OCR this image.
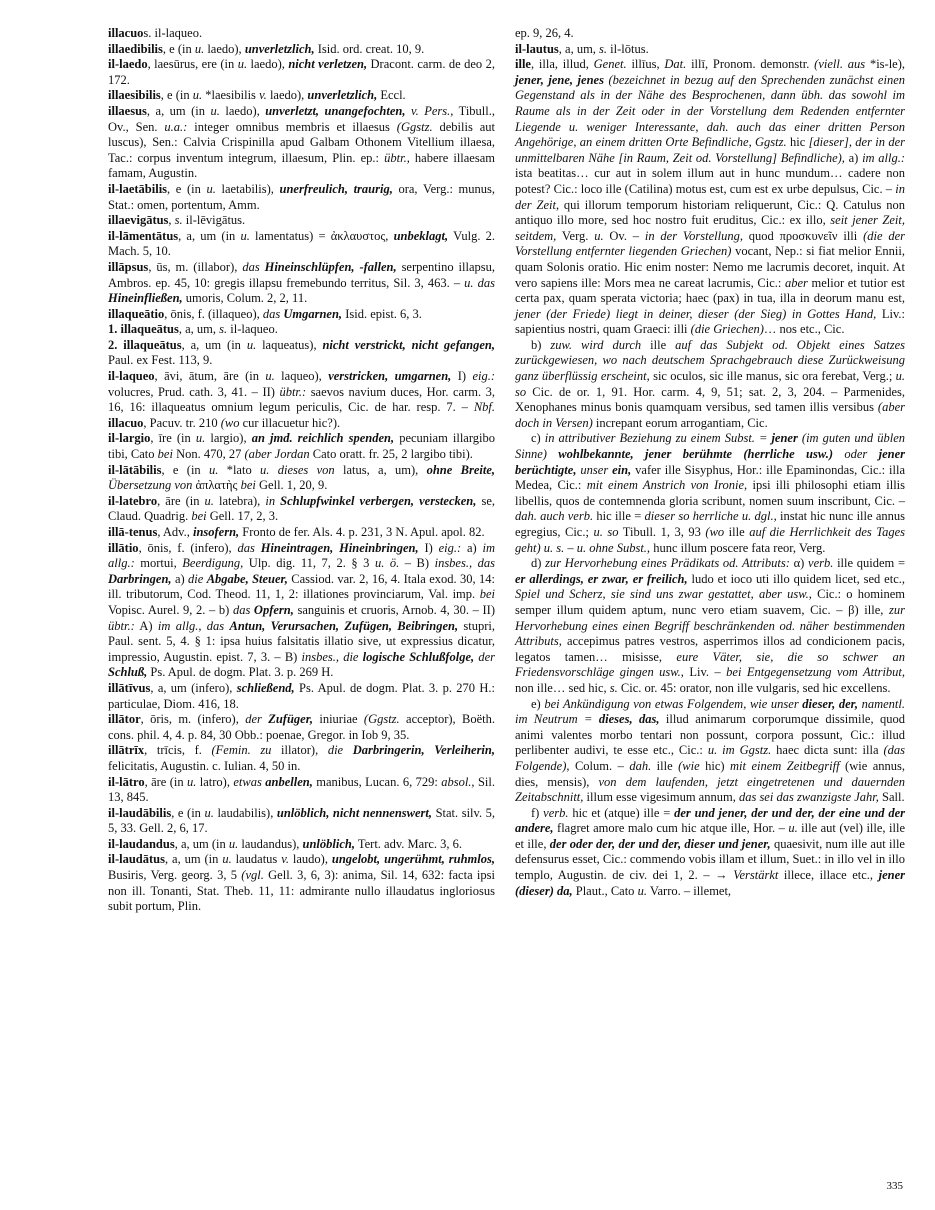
illacuos. il-laqueo.

illaedibilis, e (in u. laedo), unverletzlich, Isid. ord. creat. 10, 9.

il-laedo, laesūrus, ere (in u. laedo), nicht verletzen, Dracont. carm. de deo 2, 172.

illaesibilis, e (in u. *laesibilis v. laedo), unverletzlich, Eccl.

illaesus, a, um (in u. laedo), unverletzt, unangefochten, v. Pers., Tibull., Ov., Sen. u.a.: integer omnibus membris et illaesus (Ggstz. debilis aut luscus), Sen.: Calvia Crispinilla apud Galbam Othonem Vitellium illaesa, Tac.: corpus inventum integrum, illaesum, Plin. ep.: übtr., habere illaesam famam, Augustin.

il-laetābilis, e (in u. laetabilis), unerfreulich, traurig, ora, Verg.: munus, Stat.: omen, portentum, Amm.

illaevigātus, s. il-lēvigātus.

il-lāmentātus, a, um (in u. lamentatus) = ἀκλαυστος, unbeklagt, Vulg. 2. Mach. 5, 10.

illāpsus, ūs, m. (illabor), das Hineinschlüpfen, -fallen, serpentino illapsu, Ambros. ep. 45, 10: gregis illapsu fremebundo territus, Sil. 3, 463. – u. das Hineinfließen, umoris, Colum. 2, 2, 11.

illaqueātio, ōnis, f. (illaqueo), das Umgarnen, Isid. epist. 6, 3.

1. illaqueātus, a, um, s. il-laqueo.

2. illaqueātus, a, um (in u. laqueatus), nicht verstrickt, nicht gefangen, Paul. ex Fest. 113, 9.

il-laqueo, āvi, ātum, āre (in u. laqueo), verstricken, umgarnen, I) eig.: volucres, Prud. cath. 3, 41. – II) übtr.: saevos navium duces, Hor. carm. 3, 16, 16: illaqueatus omnium legum periculis, Cic. de har. resp. 7. – Nbf. illacuo, Pacuv. tr. 210 (wo cur illacuetur hic?).

il-largio, īre (in u. largio), an jmd. reichlich spenden, pecuniam illargibo tibi, Cato bei Non. 470, 27 (aber Jordan Cato oratt. fr. 25, 2 largibo tibi).

il-lātābilis, e (in u. *lato u. dieses von latus, a, um), ohne Breite, Übersetzung von ἀπλατὴς bei Gell. 1, 20, 9.

il-latebro, āre (in u. latebra), in Schlupfwinkel verbergen, verstecken, se, Claud. Quadrig. bei Gell. 17, 2, 3.

illā-tenus, Adv., insofern, Fronto de fer. Als. 4. p. 231, 3 N. Apul. apol. 82.

illātio, ōnis, f. (infero), das Hineintragen, Hineinbringen, I) eig.: a) im allg.: mortui, Beerdigung, Ulp. dig. 11, 7, 2. § 3 u. ö. – B) insbes., das Darbringen, a) die Abgabe, Steuer, Cassiod. var. 2, 16, 4. Itala exod. 30, 14: ill. tributorum, Cod. Theod. 11, 1, 2: illationes provinciarum, Val. imp. bei Vopisc. Aurel. 9, 2. – b) das Opfern, sanguinis et cruoris, Arnob. 4, 30. – II) übtr.: A) im allg., das Antun, Verursachen, Zufügen, Beibringen, stupri, Paul. sent. 5, 4. § 1: ipsa huius falsitatis illatio sive, ut expressius dicatur, impressio, Augustin. epist. 7, 3. – B) insbes., die logische Schlußfolge, der Schluß, Ps. Apul. de dogm. Plat. 3. p. 269 H.

illātīvus, a, um (infero), schließend, Ps. Apul. de dogm. Plat. 3. p. 270 H.: particulae, Diom. 416, 18.

illātor, ōris, m. (infero), der Zufüger, iniuriae (Ggstz. acceptor), Boëth. cons. phil. 4, 4. p. 84, 30 Obb.: poenae, Gregor. in Iob 9, 35.

illātrīx, trīcis, f. (Femin. zu illator), die Darbringerin, Verleiherin, felicitatis, Augustin. c. Iulian. 4, 50 in.

il-lātro, āre (in u. latro), etwas anbellen, manibus, Lucan. 6, 729: absol., Sil. 13, 845.

il-laudābilis, e (in u. laudabilis), unlöblich, nicht nennenswert, Stat. silv. 5, 5, 33. Gell. 2, 6, 17.

il-laudandus, a, um (in u. laudandus), unlöblich, Tert. adv. Marc. 3, 6.

il-laudātus, a, um (in u. laudatus v. laudo), ungelobt, ungerühmt, ruhmlos, Busiris, Verg. georg. 3, 5 (vgl. Gell. 3, 6, 3): anima, Sil. 14, 632: facta ipsi non ill. Tonanti, Stat. Theb. 11, 11: admirante nullo illaudatus ingloriosus subit portum, Plin.

ep. 9, 26, 4.

il-lautus, a, um, s. il-lōtus.

ille, illa, illud, Genet. illīus, Dat. illī, Pronom. demonstr. (viell. aus *is-le), jener, jene, jenes (bezeichnet in bezug auf den Sprechenden zunächst einen Gegenstand als in der Nähe des Besprochenen, dann übh. das sowohl im Raume als in der Zeit oder in der Vorstellung dem Redenden entfernter Liegende u. weniger Interessante, dah. auch das einer dritten Person Angehörige, an einem dritten Orte Befindliche, Ggstz. hic [dieser], der in der unmittelbaren Nähe [in Raum, Zeit od. Vorstellung] Befindliche), a) im allg.: ista beatitas… cur aut in solem illum aut in hunc mundum… cadere non potest? Cic.: loco ille (Catilina) motus est, cum est ex urbe depulsus, Cic. – in der Zeit, qui illorum temporum historiam reliquerunt, Cic.: Q. Catulus non antiquo illo more, sed hoc nostro fuit eruditus, Cic.: ex illo, seit jener Zeit, seitdem, Verg. u. Ov. – in der Vorstellung, quod προσκυνεῖν illi (die der Vorstellung entfernter liegenden Griechen) vocant, Nep.: si fiat melior Ennii, quam Solonis oratio. Hic enim noster: Nemo me lacrumis decoret, inquit. At vero sapiens ille: Mors mea ne careat lacrumis, Cic.: aber melior et tutior est certa pax, quam sperata victoria; haec (pax) in tua, illa in deorum manu est, jener (der Friede) liegt in deiner, dieser (der Sieg) in Gottes Hand, Liv.: sapientius nostri, quam Graeci: illi (die Griechen)… nos etc., Cic.

b) zuw. wird durch ille auf das Subjekt od. Objekt eines Satzes zurückgewiesen, wo nach deutschem Sprachgebrauch diese Zurückweisung ganz überflüssig erscheint, sic oculos, sic ille manus, sic ora ferebat, Verg.; u. so Cic. de or. 1, 91. Hor. carm. 4, 9, 51; sat. 2, 3, 204. – Parmenides, Xenophanes minus bonis quamquam versibus, sed tamen illis versibus (aber doch in Versen) increpant eorum arrogantiam, Cic.

c) in attributiver Beziehung zu einem Subst. = jener (im guten und üblen Sinne) wohlbekannte, jener berühmte (herrliche usw.) oder jener berüchtigte, unser ein, vafer ille Sisyphus, Hor.: ille Epaminondas, Cic.: illa Medea, Cic.: mit einem Anstrich von Ironie, ipsi illi philosophi etiam illis libellis, quos de contemnenda gloria scribunt, nomen suum inscribunt, Cic. – dah. auch verb. hic ille = dieser so herrliche u. dgl., instat hic nunc ille annus egregius, Cic.; u. so Tibull. 1, 3, 93 (wo ille auf die Herrlichkeit des Tages geht) u. s. – u. ohne Subst., hunc illum poscere fata reor, Verg.

d) zur Hervorhebung eines Prädikats od. Attributs: α) verb. ille quidem = er allerdings, er zwar, er freilich, ludo et ioco uti illo quidem licet, sed etc., Spiel und Scherz, sie sind uns zwar gestattet, aber usw., Cic.: o hominem semper illum quidem aptum, nunc vero etiam suavem, Cic. – β) ille, zur Hervorhebung eines einen Begriff beschränkenden od. näher bestimmenden Attributs, accepimus patres vestros, asperrimos illos ad condicionem pacis, legatos tamen… misisse, eure Väter, sie, die so schwer an Friedensvorschläge gingen usw., Liv. – bei Entgegensetzung vom Attribut, non ille… sed hic, s. Cic. or. 45: orator, non ille vulgaris, sed hic excellens.

e) bei Ankündigung von etwas Folgendem, wie unser dieser, der, namentl. im Neutrum = dieses, das, illud animarum corporumque dissimile, quod animi valentes morbo tentari non possunt, corpora possunt, Cic.: illud perlibenter audivi, te esse etc., Cic.: u. im Ggstz. haec dicta sunt: illa (das Folgende), Colum. – dah. ille (wie hic) mit einem Zeitbegriff (wie annus, dies, mensis), von dem laufenden, jetzt eingetretenen und dauernden Zeitabschnitt, illum esse vigesimum annum, das sei das zwanzigste Jahr, Sall.

f) verb. hic et (atque) ille = der und jener, der und der, der eine und der andere, flagret amore malo cum hic atque ille, Hor. – u. ille aut (vel) ille, ille et ille, der oder der, der und der, dieser und jener, quaesivit, num ille aut ille defensurus esset, Cic.: commendo vobis illam et illum, Suet.: in illo vel in illo templo, Augustin. de civ. dei 1, 2. – → Verstärkt illece, illace etc., jener (dieser) da, Plaut., Cato u. Varro. – illemet,

335
